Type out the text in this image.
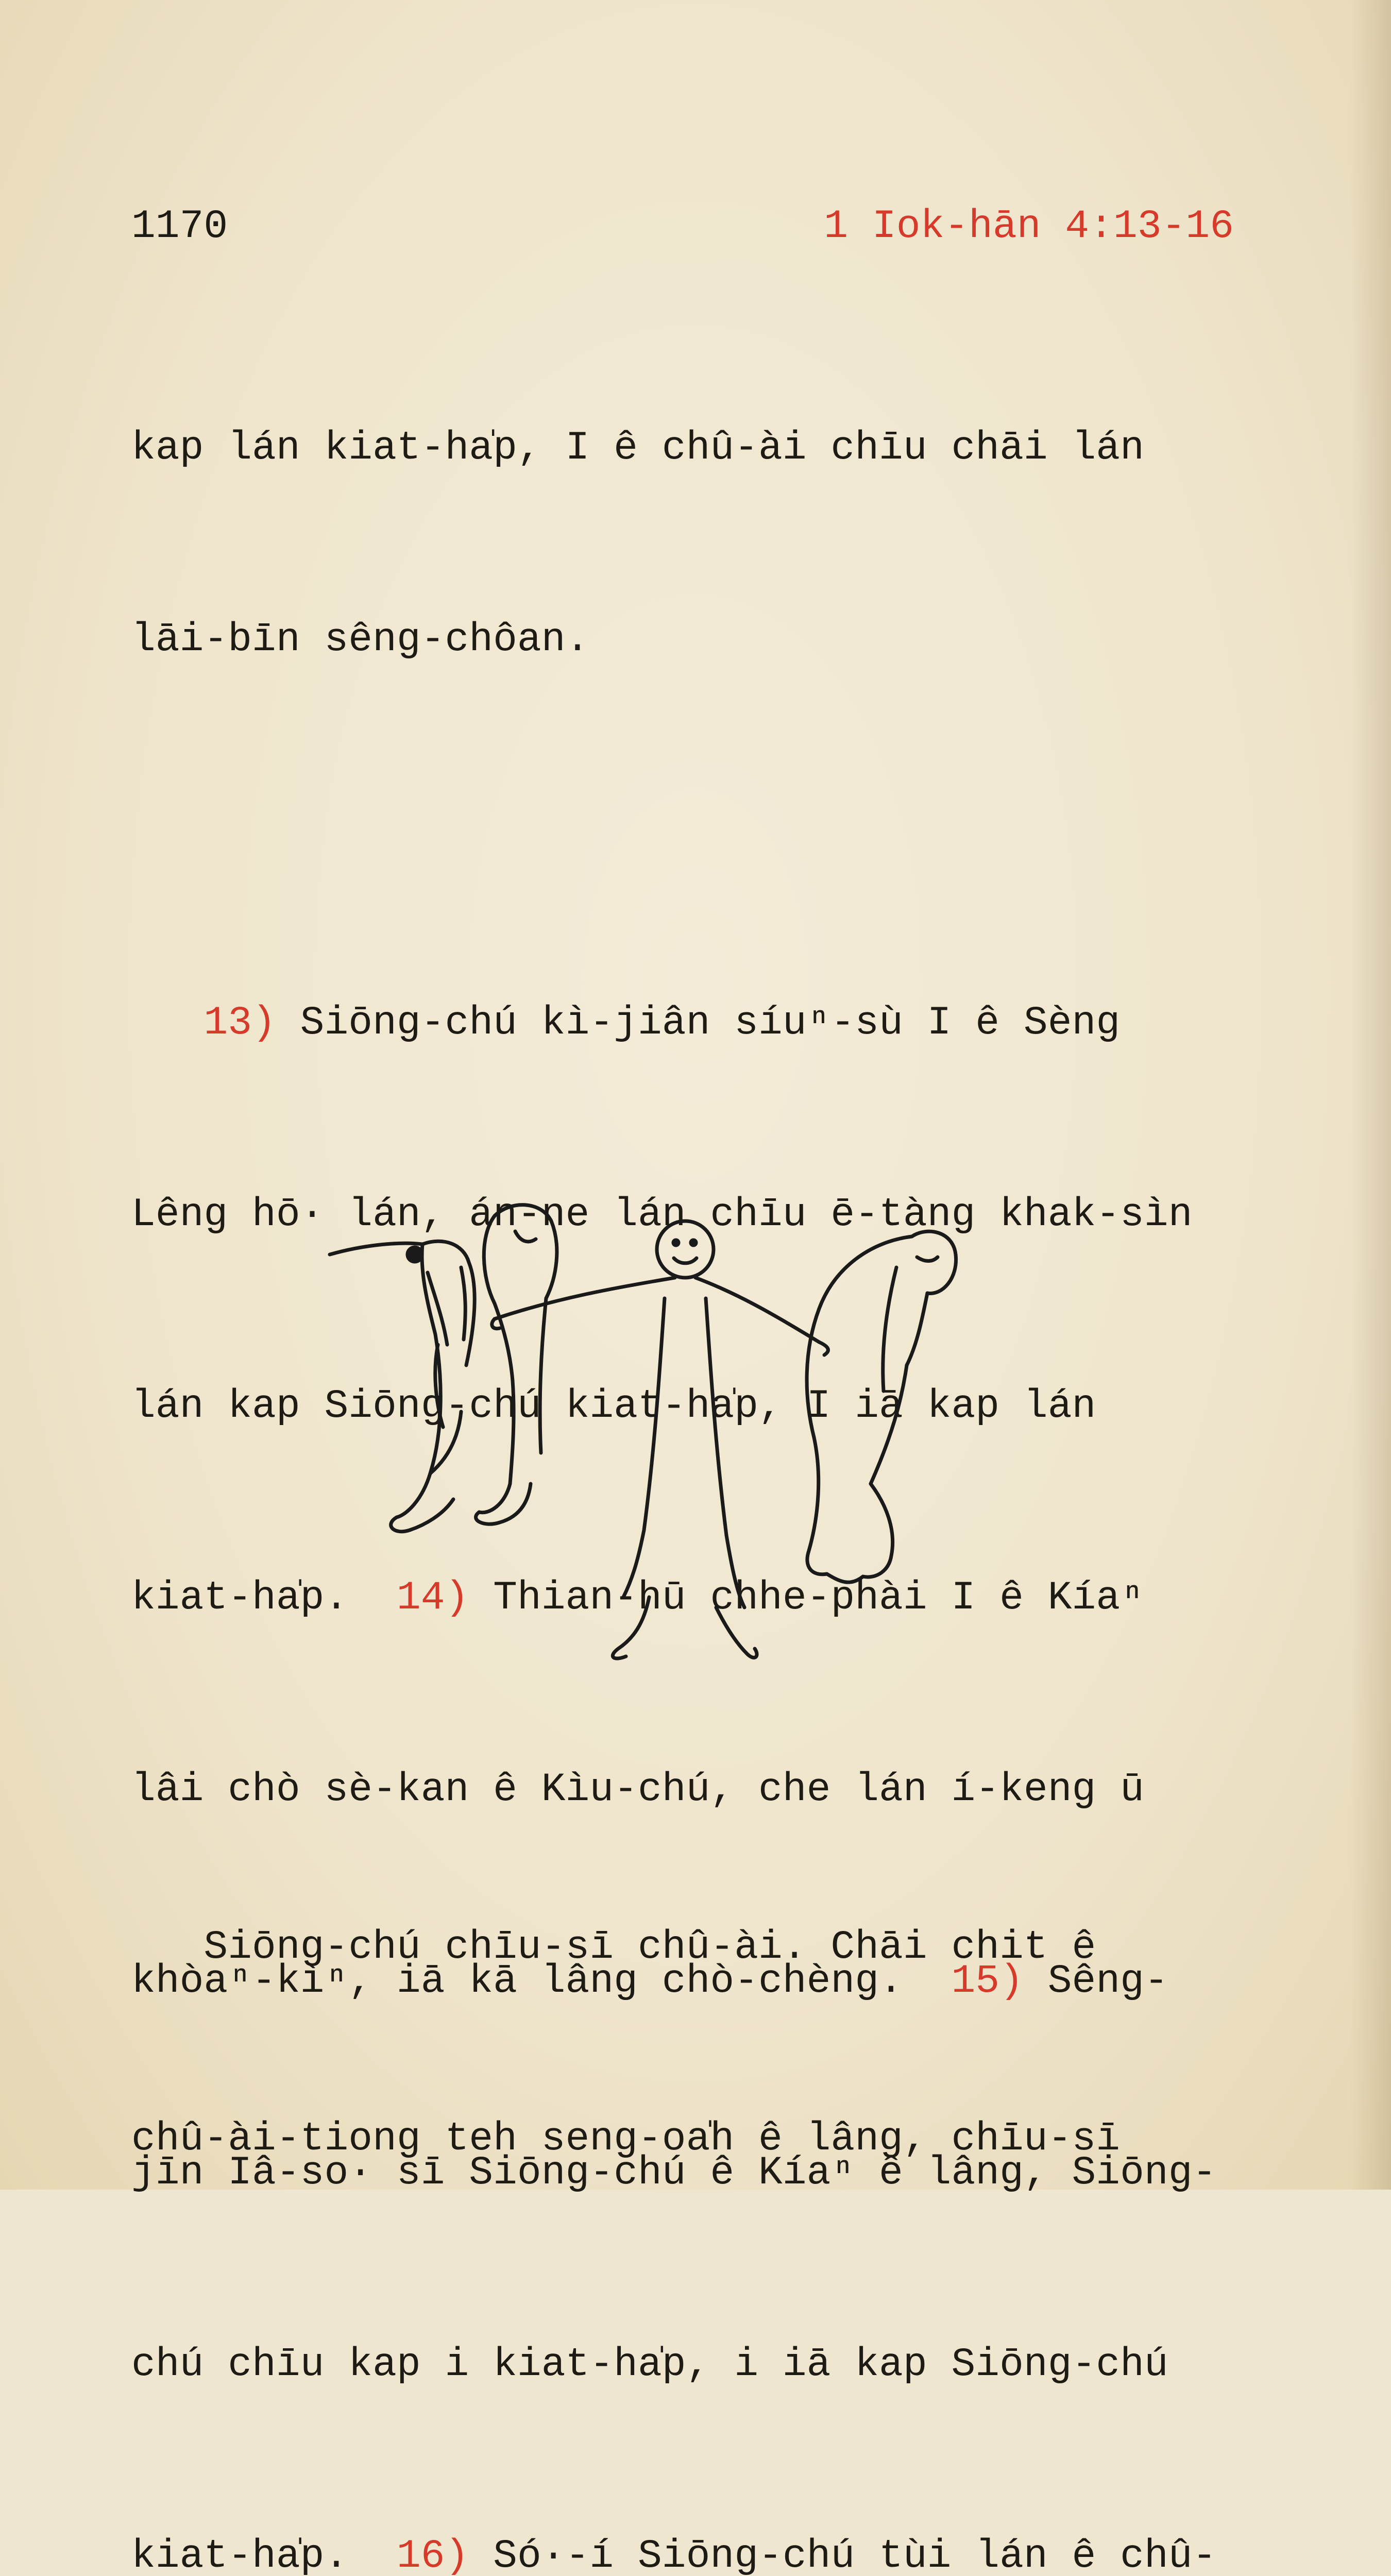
1170	1 Iok-hān 4:13-16

kap lán kiat-ha̍p, I ê chû-ài chīu chāi lán

lāi-bīn sêng-chôan.

13) Siōng-chú kì-jiân síuⁿ-sù I ê Sèng

Lêng hō· lán, án-ne lán chīu ē-tàng khak-sìn

lán kap Siōng-chú kiat-ha̍p, I iā kap lán

kiat-ha̍p.  14) Thian-hū chhe-phài I ê Kíaⁿ

lâi chò sè-kan ê Kìu-chú, che lán í-keng ū

khòaⁿ-kìⁿ, iā kā lâng chò-chèng.  15) Sêng-

jīn Iâ-so· sī Siōng-chú ê Kíaⁿ ê lâng, Siōng-

chú chīu kap i kiat-ha̍p, i iā kap Siōng-chú

kiat-ha̍p.  16) Só·-í Siōng-chú tùi lán ê chû-

Siōng-chú chīu-sī chû-ài. Chāi chit ê

chû-ài-tiong teh seng-oa̍h ê lâng, chīu-sī
